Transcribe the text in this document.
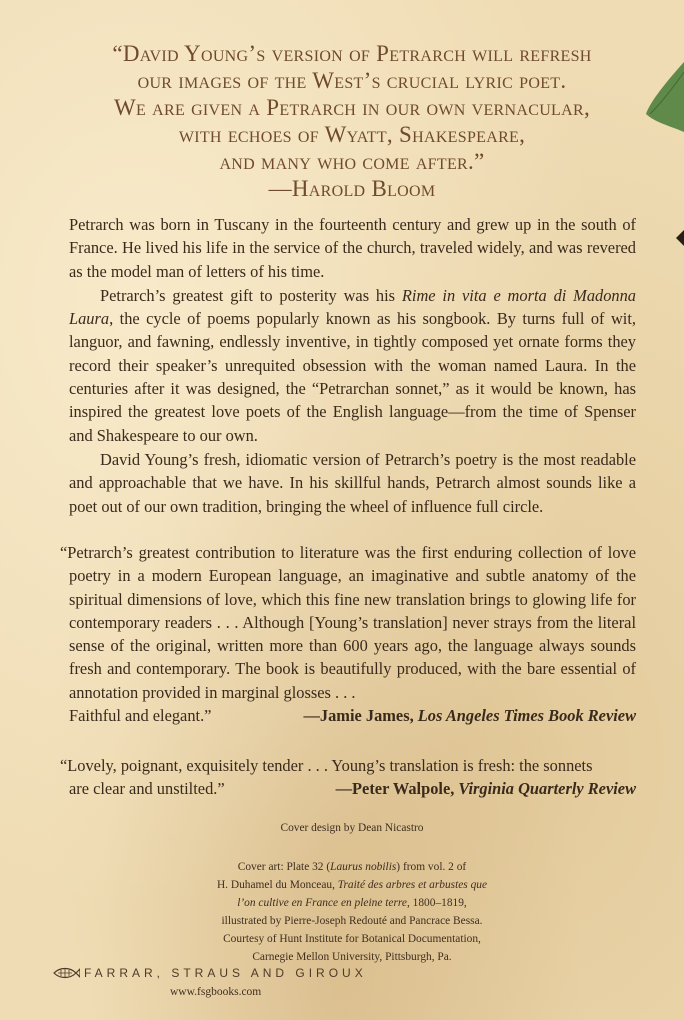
“David Young’s version of Petrarch will refresh
our images of the West’s crucial lyric poet.
We are given a Petrarch in our own vernacular,
with echoes of Wyatt, Shakespeare,
and many who come after.”
—Harold Bloom

Petrarch was born in Tuscany in the fourteenth century and grew up in the south of France. He lived his life in the service of the church, traveled widely, and was revered as the model man of letters of his time.

Petrarch’s greatest gift to posterity was his Rime in vita e morta di Madonna Laura, the cycle of poems popularly known as his songbook. By turns full of wit, languor, and fawning, endlessly inventive, in tightly composed yet ornate forms they record their speaker’s unrequited obsession with the woman named Laura. In the centuries after it was designed, the “Petrarchan sonnet,” as it would be known, has inspired the greatest love poets of the English language—from the time of Spenser and Shakespeare to our own.

David Young’s fresh, idiomatic version of Petrarch’s poetry is the most readable and approachable that we have. In his skillful hands, Petrarch almost sounds like a poet out of our own tradition, bringing the wheel of influence full circle.

“Petrarch’s greatest contribution to literature was the first enduring collection of love poetry in a modern European language, an imaginative and subtle anatomy of the spiritual dimensions of love, which this fine new translation brings to glowing life for contemporary readers . . . Although [Young’s translation] never strays from the literal sense of the original, written more than 600 years ago, the language always sounds fresh and contemporary. The book is beautifully produced, with the bare essential of annotation provided in marginal glosses . . .
Faithful and elegant.”	—Jamie James, Los Angeles Times Book Review
“Lovely, poignant, exquisitely tender . . . Young’s translation is fresh: the sonnets
are clear and unstilted.”	—Peter Walpole, Virginia Quarterly Review
Cover design by Dean Nicastro
Cover art: Plate 32 (Laurus nobilis) from vol. 2 of
H. Duhamel du Monceau, Traité des arbres et arbustes que
l’on cultive en France en pleine terre, 1800–1819,
illustrated by Pierre-Joseph Redouté and Pancrace Bessa.
Courtesy of Hunt Institute for Botanical Documentation,
Carnegie Mellon University, Pittsburgh, Pa.
FARRAR, STRAUS AND GIROUX
www.fsgbooks.com
